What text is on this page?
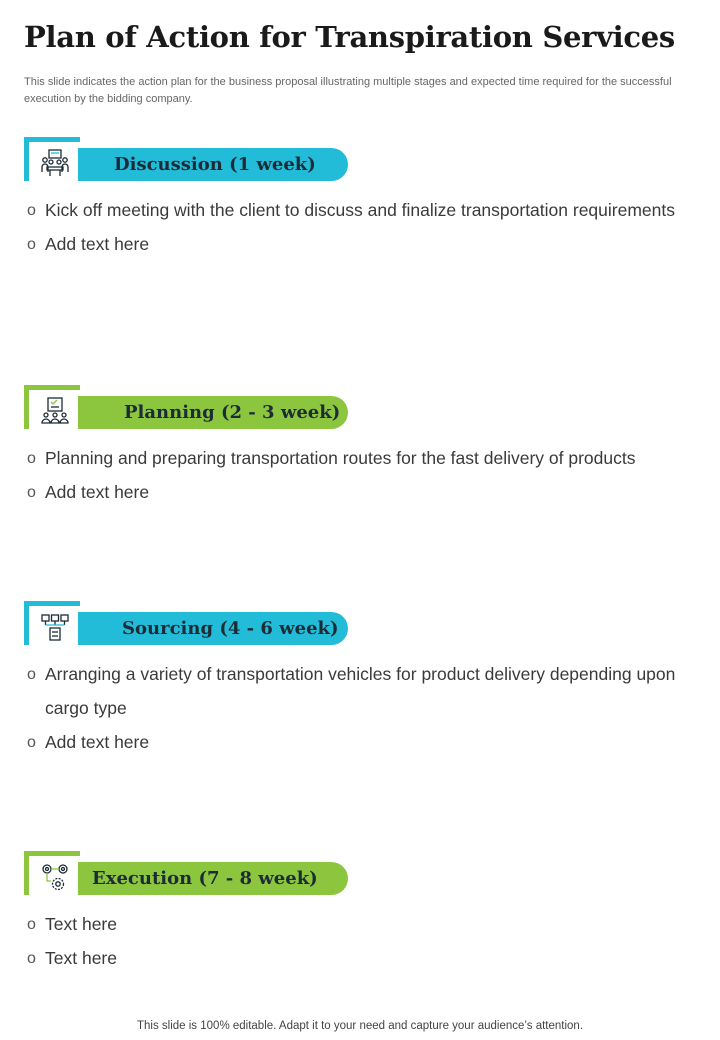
Plan of Action for Transpiration Services
This slide indicates the action plan for the business proposal illustrating multiple stages and expected time required for the successful execution by the bidding company.
Discussion (1 week)
o Kick off meeting with the client to discuss and finalize transportation requirements
o Add text here
Planning (2 - 3 week)
o Planning and preparing transportation routes for the fast delivery of products
o Add text here
Sourcing (4 - 6 week)
o Arranging a variety of transportation vehicles for product delivery depending upon cargo type
o Add text here
Execution (7 - 8 week)
o Text here
o Text here
This slide is 100% editable. Adapt it to your need and capture your audience’s attention.
